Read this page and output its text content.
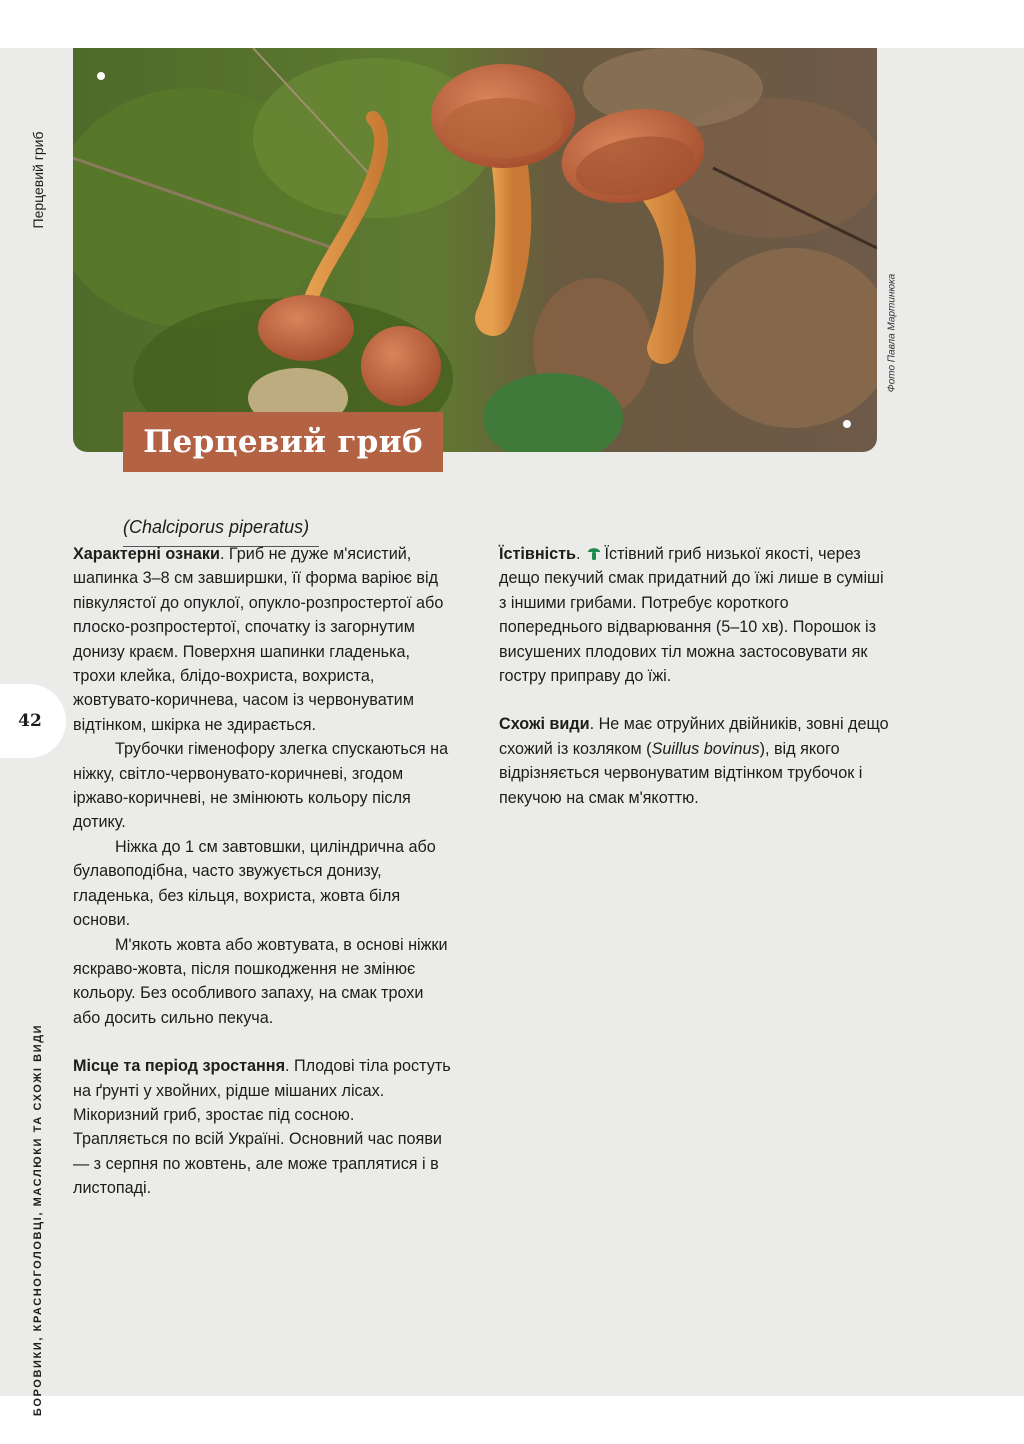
Перцевий гриб
(Chalciporus piperatus)
Фото Павла Мартинюка
Перцевий гриб
БОРОВИКИ, КРАСНОГОЛОВЦІ, МАСЛЮКИ ТА СХОЖІ ВИДИ
42

Характерні ознаки. Гриб не дуже м'ясистий, шапинка 3–8 см завширшки, її форма варіює від півкулястої до опуклої, опукло-розпростертої або плоско-розпростертої, спочатку із загорнутим донизу краєм. Поверхня шапинки гладенька, трохи клейка, блідо-вохриста, вохриста, жовтувато-коричнева, часом із червонуватим відтінком, шкірка не здирається.

Трубочки гіменофору злегка спускаються на ніжку, світло-червонувато-коричневі, згодом іржаво-коричневі, не змінюють кольору після дотику.

Ніжка до 1 см завтовшки, циліндрична або булавоподібна, часто звужується донизу, гладенька, без кільця, вохриста, жовта біля основи.

М'якоть жовта або жовтувата, в основі ніжки яскраво-жовта, після пошкодження не змінює кольору. Без особливого запаху, на смак трохи або досить сильно пекуча.

Місце та період зростання. Плодові тіла ростуть на ґрунті у хвойних, рідше мішаних лісах. Мікоризний гриб, зростає під сосною. Трапляється по всій Україні. Основний час появи — з серпня по жовтень, але може траплятися і в листопаді.

Їстівність. Їстівний гриб низької якості, через дещо пекучий смак придатний до їжі лише в суміші з іншими грибами. Потребує короткого попереднього відварювання (5–10 хв). Порошок із висушених плодових тіл можна застосовувати як гостру приправу до їжі.

Схожі види. Не має отруйних двійників, зовні дещо схожий із козляком (Suillus bovinus), від якого відрізняється червонуватим відтінком трубочок і пекучою на смак м'якоттю.
